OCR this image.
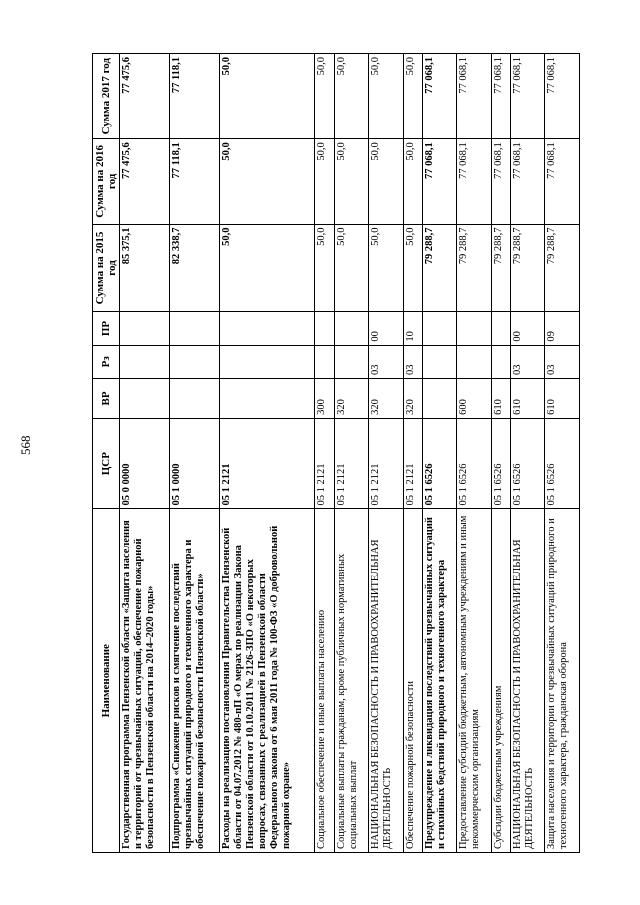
568
Наименование	ЦСР	ВР	Рз	ПР	Сумма на 2015 год	Сумма на 2016 год	Сумма 2017 год
Государственная программа Пензенской области «Защита населения и территорий от чрезвычайных ситуаций, обеспечение пожарной безопасности в Пензенской области на 2014–2020 годы»	05 0 0000				85 375,1	77 475,6	77 475,6
Подпрограмма «Снижение рисков и смягчение последствий чрезвычайных ситуаций природного и техногенного характера и обеспечение пожарной безопасности Пензенской области»	05 1 0000				82 338,7	77 118,1	77 118,1
Расходы на реализацию постановления Правительства Пензенской области от 04.07.2012 № 480-пП «О мерах по реализации Закона Пензенской области от 10.10.2011 № 2126-ЗПО «О некоторых вопросах, связанных с реализацией в Пензенской области Федерального закона от 6 мая 2011 года № 100-ФЗ «О добровольной пожарной охране»	05 1 2121				50,0	50,0	50,0
Социальное обеспечение и иные выплаты населению	05 1 2121	300			50,0	50,0	50,0
Социальные выплаты гражданам, кроме публичных нормативных социальных выплат	05 1 2121	320			50,0	50,0	50,0
НАЦИОНАЛЬНАЯ БЕЗОПАСНОСТЬ И ПРАВООХРАНИТЕЛЬНАЯ ДЕЯТЕЛЬНОСТЬ	05 1 2121	320	03	00	50,0	50,0	50,0
Обеспечение пожарной безопасности	05 1 2121	320	03	10	50,0	50,0	50,0
Предупреждение и ликвидация последствий чрезвычайных ситуаций и стихийных бедствий природного и техногенного характера	05 1 6526				79 288,7	77 068,1	77 068,1
Предоставление субсидий бюджетным, автономным учреждениям и иным некоммерческим организациям	05 1 6526	600			79 288,7	77 068,1	77 068,1
Субсидии бюджетным учреждениям	05 1 6526	610			79 288,7	77 068,1	77 068,1
НАЦИОНАЛЬНАЯ БЕЗОПАСНОСТЬ И ПРАВООХРАНИТЕЛЬНАЯ ДЕЯТЕЛЬНОСТЬ	05 1 6526	610	03	00	79 288,7	77 068,1	77 068,1
Защита населения и территории от чрезвычайных ситуаций природного и техногенного характера, гражданская оборона	05 1 6526	610	03	09	79 288,7	77 068,1	77 068,1
